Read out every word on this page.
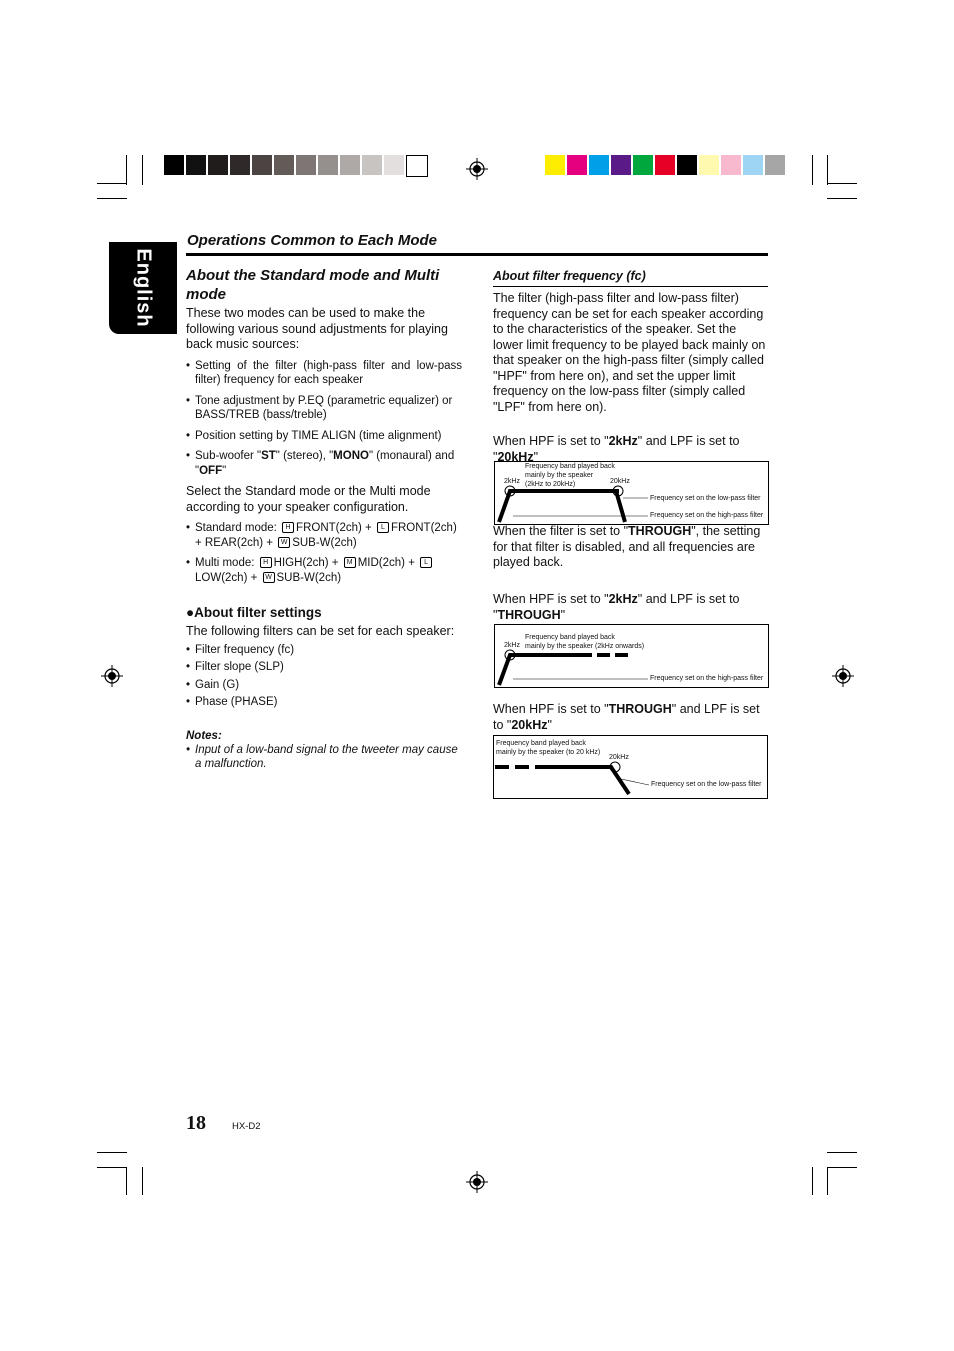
English
Operations Common to Each Mode
About the Standard mode and Multi mode
These two modes can be used to make the following various sound adjustments for playing back music sources:
• Setting of the filter (high-pass filter and low-pass filter) frequency for each speaker
• Tone adjustment by P.EQ (parametric equalizer) or BASS/TREB (bass/treble)
• Position setting by TIME ALIGN (time alignment)
• Sub-woofer "ST" (stereo), "MONO" (monaural) and "OFF"
Select the Standard mode or the Multi mode according to your speaker configuration.
• Standard mode: H FRONT(2ch) + L FRONT(2ch) + REAR(2ch) + W SUB-W(2ch)
• Multi mode: H HIGH(2ch) + M MID(2ch) + LLOW(2ch) + W SUB-W(2ch)
●About filter settings
The following filters can be set for each speaker:
• Filter frequency (fc)
• Filter slope (SLP)
• Gain (G)
• Phase (PHASE)
Notes:
• Input of a low-band signal to the tweeter may cause a malfunction.
About filter frequency (fc)
The filter (high-pass filter and low-pass filter) frequency can be set for each speaker according to the characteristics of the speaker. Set the lower limit frequency to be played back mainly on that speaker on the high-pass filter (simply called "HPF" from here on), and set the upper limit frequency on the low-pass filter (simply called "LPF" from here on).
When HPF is set to "2kHz" and LPF is set to "20kHz"
Frequency band played back
mainly by the speaker
(2kHz to 20kHz)
2kHz	20kHz
Frequency set on the low-pass filter
Frequency set on the high-pass filter
When the filter is set to "THROUGH", the setting for that filter is disabled, and all frequencies are played back.
When HPF is set to "2kHz" and LPF is set to "THROUGH"
Frequency band played back
mainly by the speaker (2kHz onwards)
2kHz
Frequency set on the high-pass filter
When HPF is set to "THROUGH" and LPF is set to "20kHz"
Frequency band played back
mainly by the speaker (to 20 kHz)
20kHz
Frequency set on the low-pass filter
18	HX-D2
